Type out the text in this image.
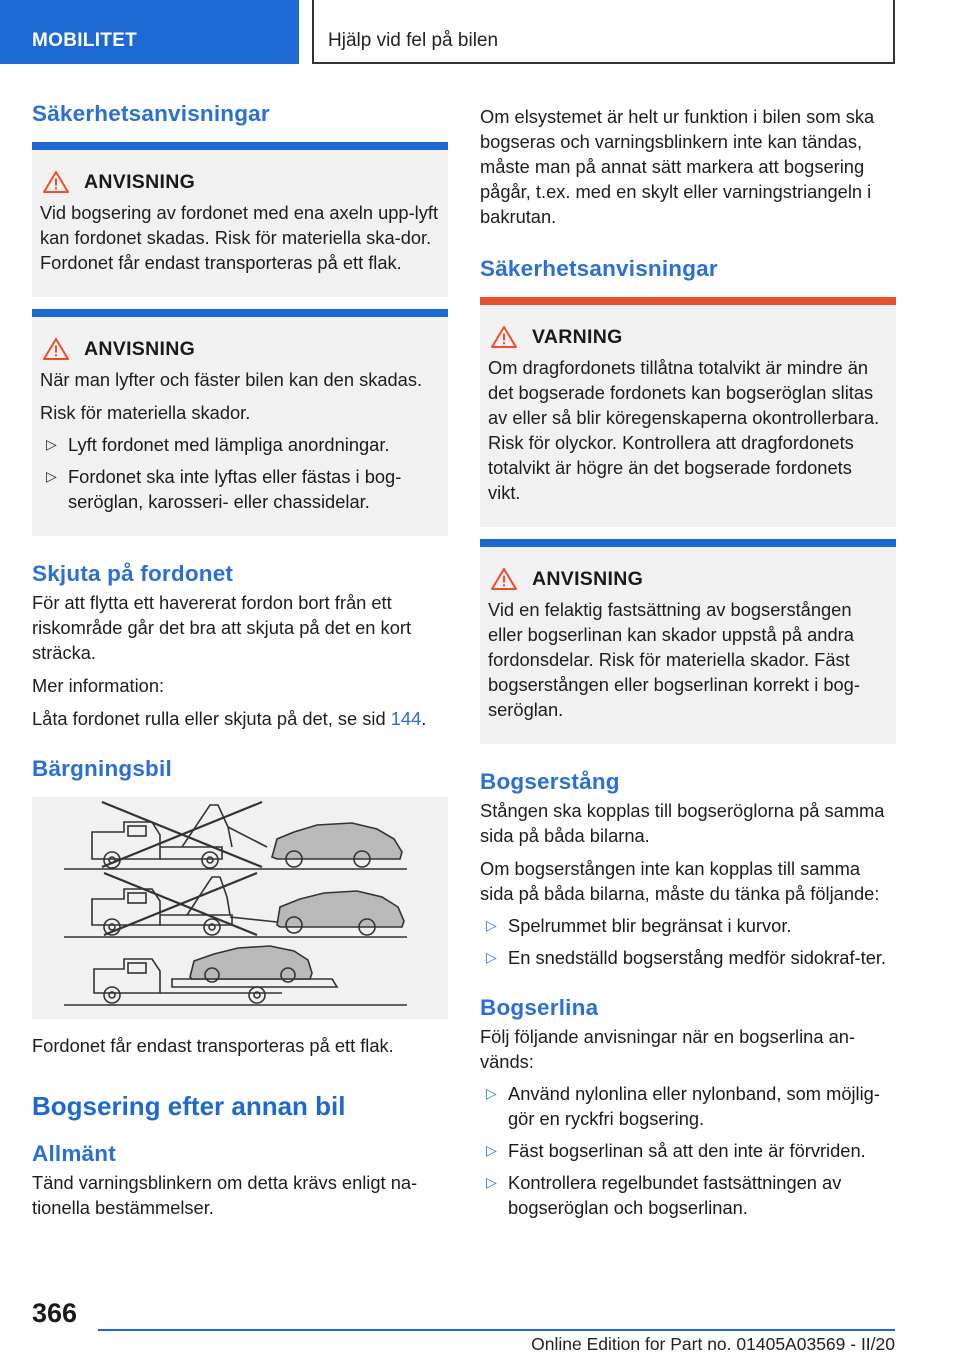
MOBILITET	Hjälp vid fel på bilen
Säkerhetsanvisningar
ANVISNING

Vid bogsering av fordonet med ena axeln upp-lyft kan fordonet skadas. Risk för materiella ska-dor. Fordonet får endast transporteras på ett flak.

ANVISNING

När man lyfter och fäster bilen kan den skadas.

Risk för materiella skador.

▷ Lyft fordonet med lämpliga anordningar.
▷ Fordonet ska inte lyftas eller fästas i bog-seröglan, karosseri- eller chassidelar.
Skjuta på fordonet

För att flytta ett havererat fordon bort från ett riskområde går det bra att skjuta på det en kort sträcka.

Mer information:

Låta fordonet rulla eller skjuta på det, se sid 144.

Bärgningsbil

Fordonet får endast transporteras på ett flak.

Bogsering efter annan bil
Allmänt

Tänd varningsblinkern om detta krävs enligt na-tionella bestämmelser.

Om elsystemet är helt ur funktion i bilen som ska bogseras och varningsblinkern inte kan tändas, måste man på annat sätt markera att bogsering pågår, t.ex. med en skylt eller varningstriangeln i bakrutan.

Säkerhetsanvisningar
VARNING

Om dragfordonets tillåtna totalvikt är mindre än det bogserade fordonets kan bogseröglan slitas av eller så blir köregenskaperna okontrollerbara. Risk för olyckor. Kontrollera att dragfordonets totalvikt är högre än det bogserade fordonets vikt.

ANVISNING

Vid en felaktig fastsättning av bogserstången eller bogserlinan kan skador uppstå på andra fordonsdelar. Risk för materiella skador. Fäst bogserstången eller bogserlinan korrekt i bog-seröglan.

Bogserstång

Stången ska kopplas till bogseröglorna på samma sida på båda bilarna.

Om bogserstången inte kan kopplas till samma sida på båda bilarna, måste du tänka på följande:

▷ Spelrummet blir begränsat i kurvor.
▷ En snedställd bogserstång medför sidokraf-ter.
Bogserlina

Följ följande anvisningar när en bogserlina an-vänds:

▷ Använd nylonlina eller nylonband, som möjlig-gör en ryckfri bogsering.
▷ Fäst bogserlinan så att den inte är förvriden.
▷ Kontrollera regelbundet fastsättningen av bogseröglan och bogserlinan.
366
Online Edition for Part no. 01405A03569 - II/20
